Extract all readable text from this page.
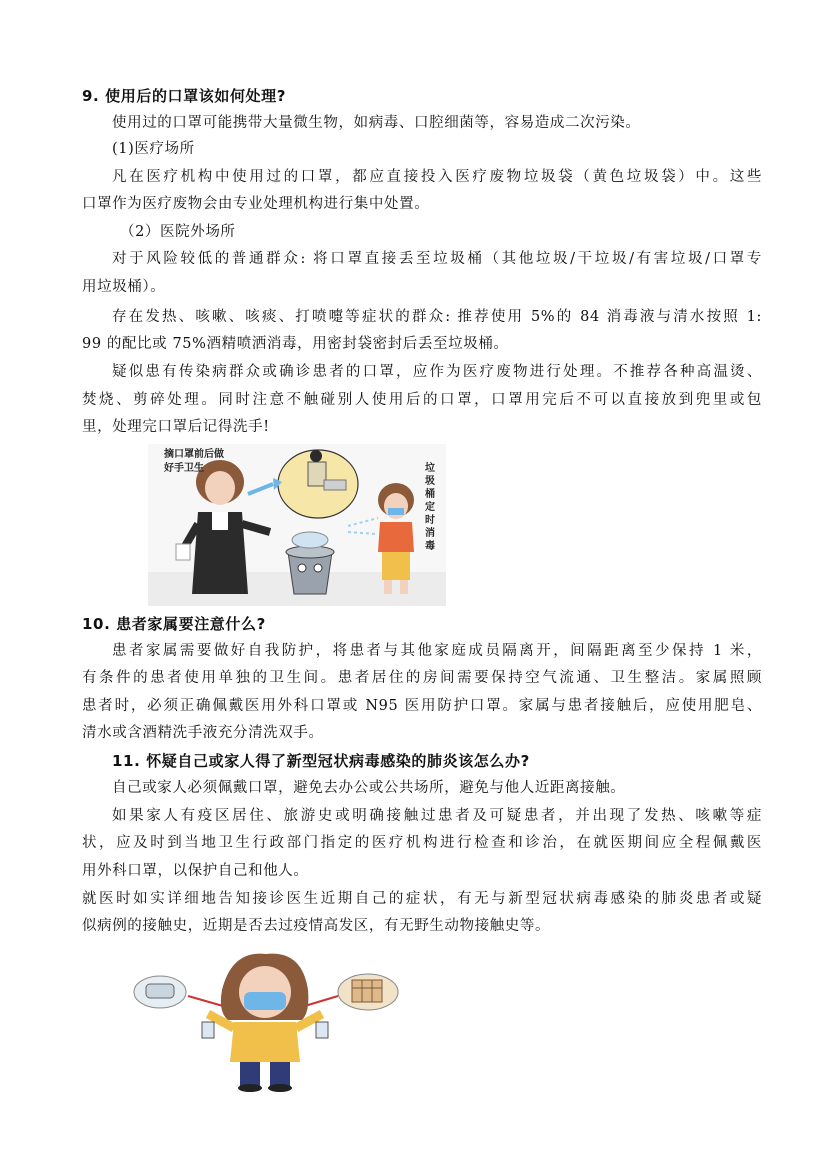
9. 使用后的口罩该如何处理?
使用过的口罩可能携带大量微生物，如病毒、口腔细菌等，容易造成二次污染。
(1)医疗场所
凡在医疗机构中使用过的口罩，都应直接投入医疗废物垃圾袋（黄色垃圾袋）中。这些
口罩作为医疗废物会由专业处理机构进行集中处置。
（2）医院外场所
对于风险较低的普通群众: 将口罩直接丢至垃圾桶（其他垃圾/干垃圾/有害垃圾/口罩专
用垃圾桶）。
存在发热、咳嗽、咳痰、打喷嚏等症状的群众: 推荐使用 5%的 84 消毒液与清水按照 1:
99 的配比或 75%酒精喷洒消毒，用密封袋密封后丢至垃圾桶。
疑似患有传染病群众或确诊患者的口罩，应作为医疗废物进行处理。不推荐各种高温烫、
焚烧、剪碎处理。同时注意不触碰别人使用后的口罩，口罩用完后不可以直接放到兜里或包
里，处理完口罩后记得洗手!
摘口罩前后做好手卫生	垃圾桶定时消毒
10. 患者家属要注意什么?
患者家属需要做好自我防护，将患者与其他家庭成员隔离开，间隔距离至少保持 1 米，
有条件的患者使用单独的卫生间。患者居住的房间需要保持空气流通、卫生整洁。家属照顾
患者时，必须正确佩戴医用外科口罩或 N95 医用防护口罩。家属与患者接触后，应使用肥皂、
清水或含酒精洗手液充分清洗双手。
11. 怀疑自己或家人得了新型冠状病毒感染的肺炎该怎么办?
自己或家人必须佩戴口罩，避免去办公或公共场所，避免与他人近距离接触。
如果家人有疫区居住、旅游史或明确接触过患者及可疑患者，并出现了发热、咳嗽等症
状，应及时到当地卫生行政部门指定的医疗机构进行检查和诊治，在就医期间应全程佩戴医
用外科口罩，以保护自己和他人。
就医时如实详细地告知接诊医生近期自己的症状，有无与新型冠状病毒感染的肺炎患者或疑
似病例的接触史，近期是否去过疫情高发区，有无野生动物接触史等。
